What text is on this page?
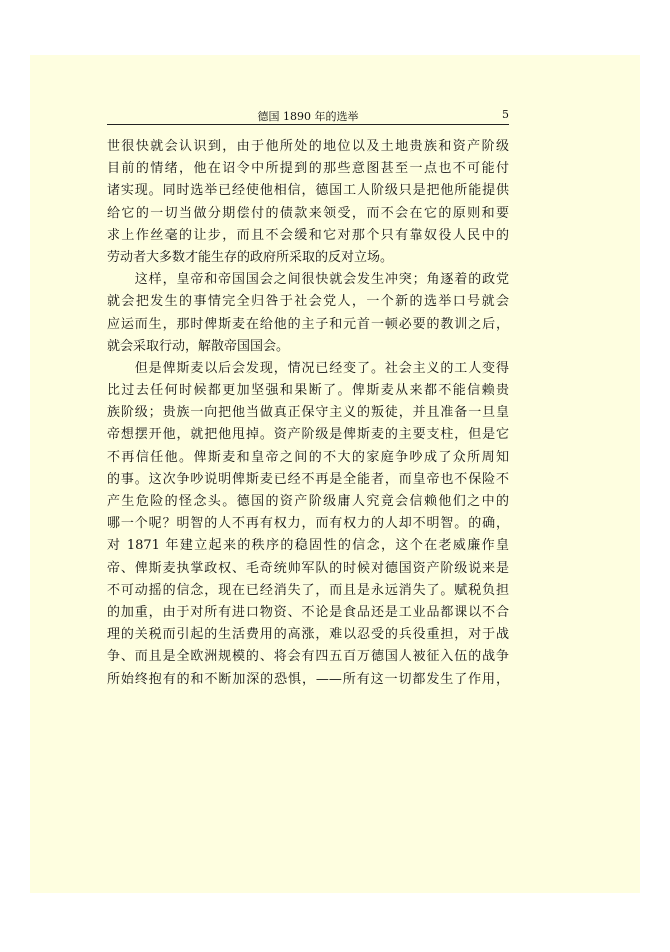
德国 1890 年的选举	5
世很快就会认识到，由于他所处的地位以及土地贵族和资产阶级
目前的情绪，他在诏令中所提到的那些意图甚至一点也不可能付
诸实现。同时选举已经使他相信，德国工人阶级只是把他所能提供
给它的一切当做分期偿付的债款来领受，而不会在它的原则和要
求上作丝毫的让步，而且不会缓和它对那个只有靠奴役人民中的
劳动者大多数才能生存的政府所采取的反对立场。
　　这样，皇帝和帝国国会之间很快就会发生冲突；角逐着的政党
就会把发生的事情完全归咎于社会党人，一个新的选举口号就会
应运而生，那时俾斯麦在给他的主子和元首一顿必要的教训之后，
就会采取行动，解散帝国国会。
　　但是俾斯麦以后会发现，情况已经变了。社会主义的工人变得
比过去任何时候都更加坚强和果断了。俾斯麦从来都不能信赖贵
族阶级；贵族一向把他当做真正保守主义的叛徒，并且准备一旦皇
帝想摆开他，就把他甩掉。资产阶级是俾斯麦的主要支柱，但是它
不再信任他。俾斯麦和皇帝之间的不大的家庭争吵成了众所周知
的事。这次争吵说明俾斯麦已经不再是全能者，而皇帝也不保险不
产生危险的怪念头。德国的资产阶级庸人究竟会信赖他们之中的
哪一个呢？明智的人不再有权力，而有权力的人却不明智。的确，
对 1871 年建立起来的秩序的稳固性的信念，这个在老威廉作皇
帝、俾斯麦执掌政权、毛奇统帅军队的时候对德国资产阶级说来是
不可动摇的信念，现在已经消失了，而且是永远消失了。赋税负担
的加重，由于对所有进口物资、不论是食品还是工业品都课以不合
理的关税而引起的生活费用的高涨，难以忍受的兵役重担，对于战
争、而且是全欧洲规模的、将会有四五百万德国人被征入伍的战争
所始终抱有的和不断加深的恐惧，——所有这一切都发生了作用，
